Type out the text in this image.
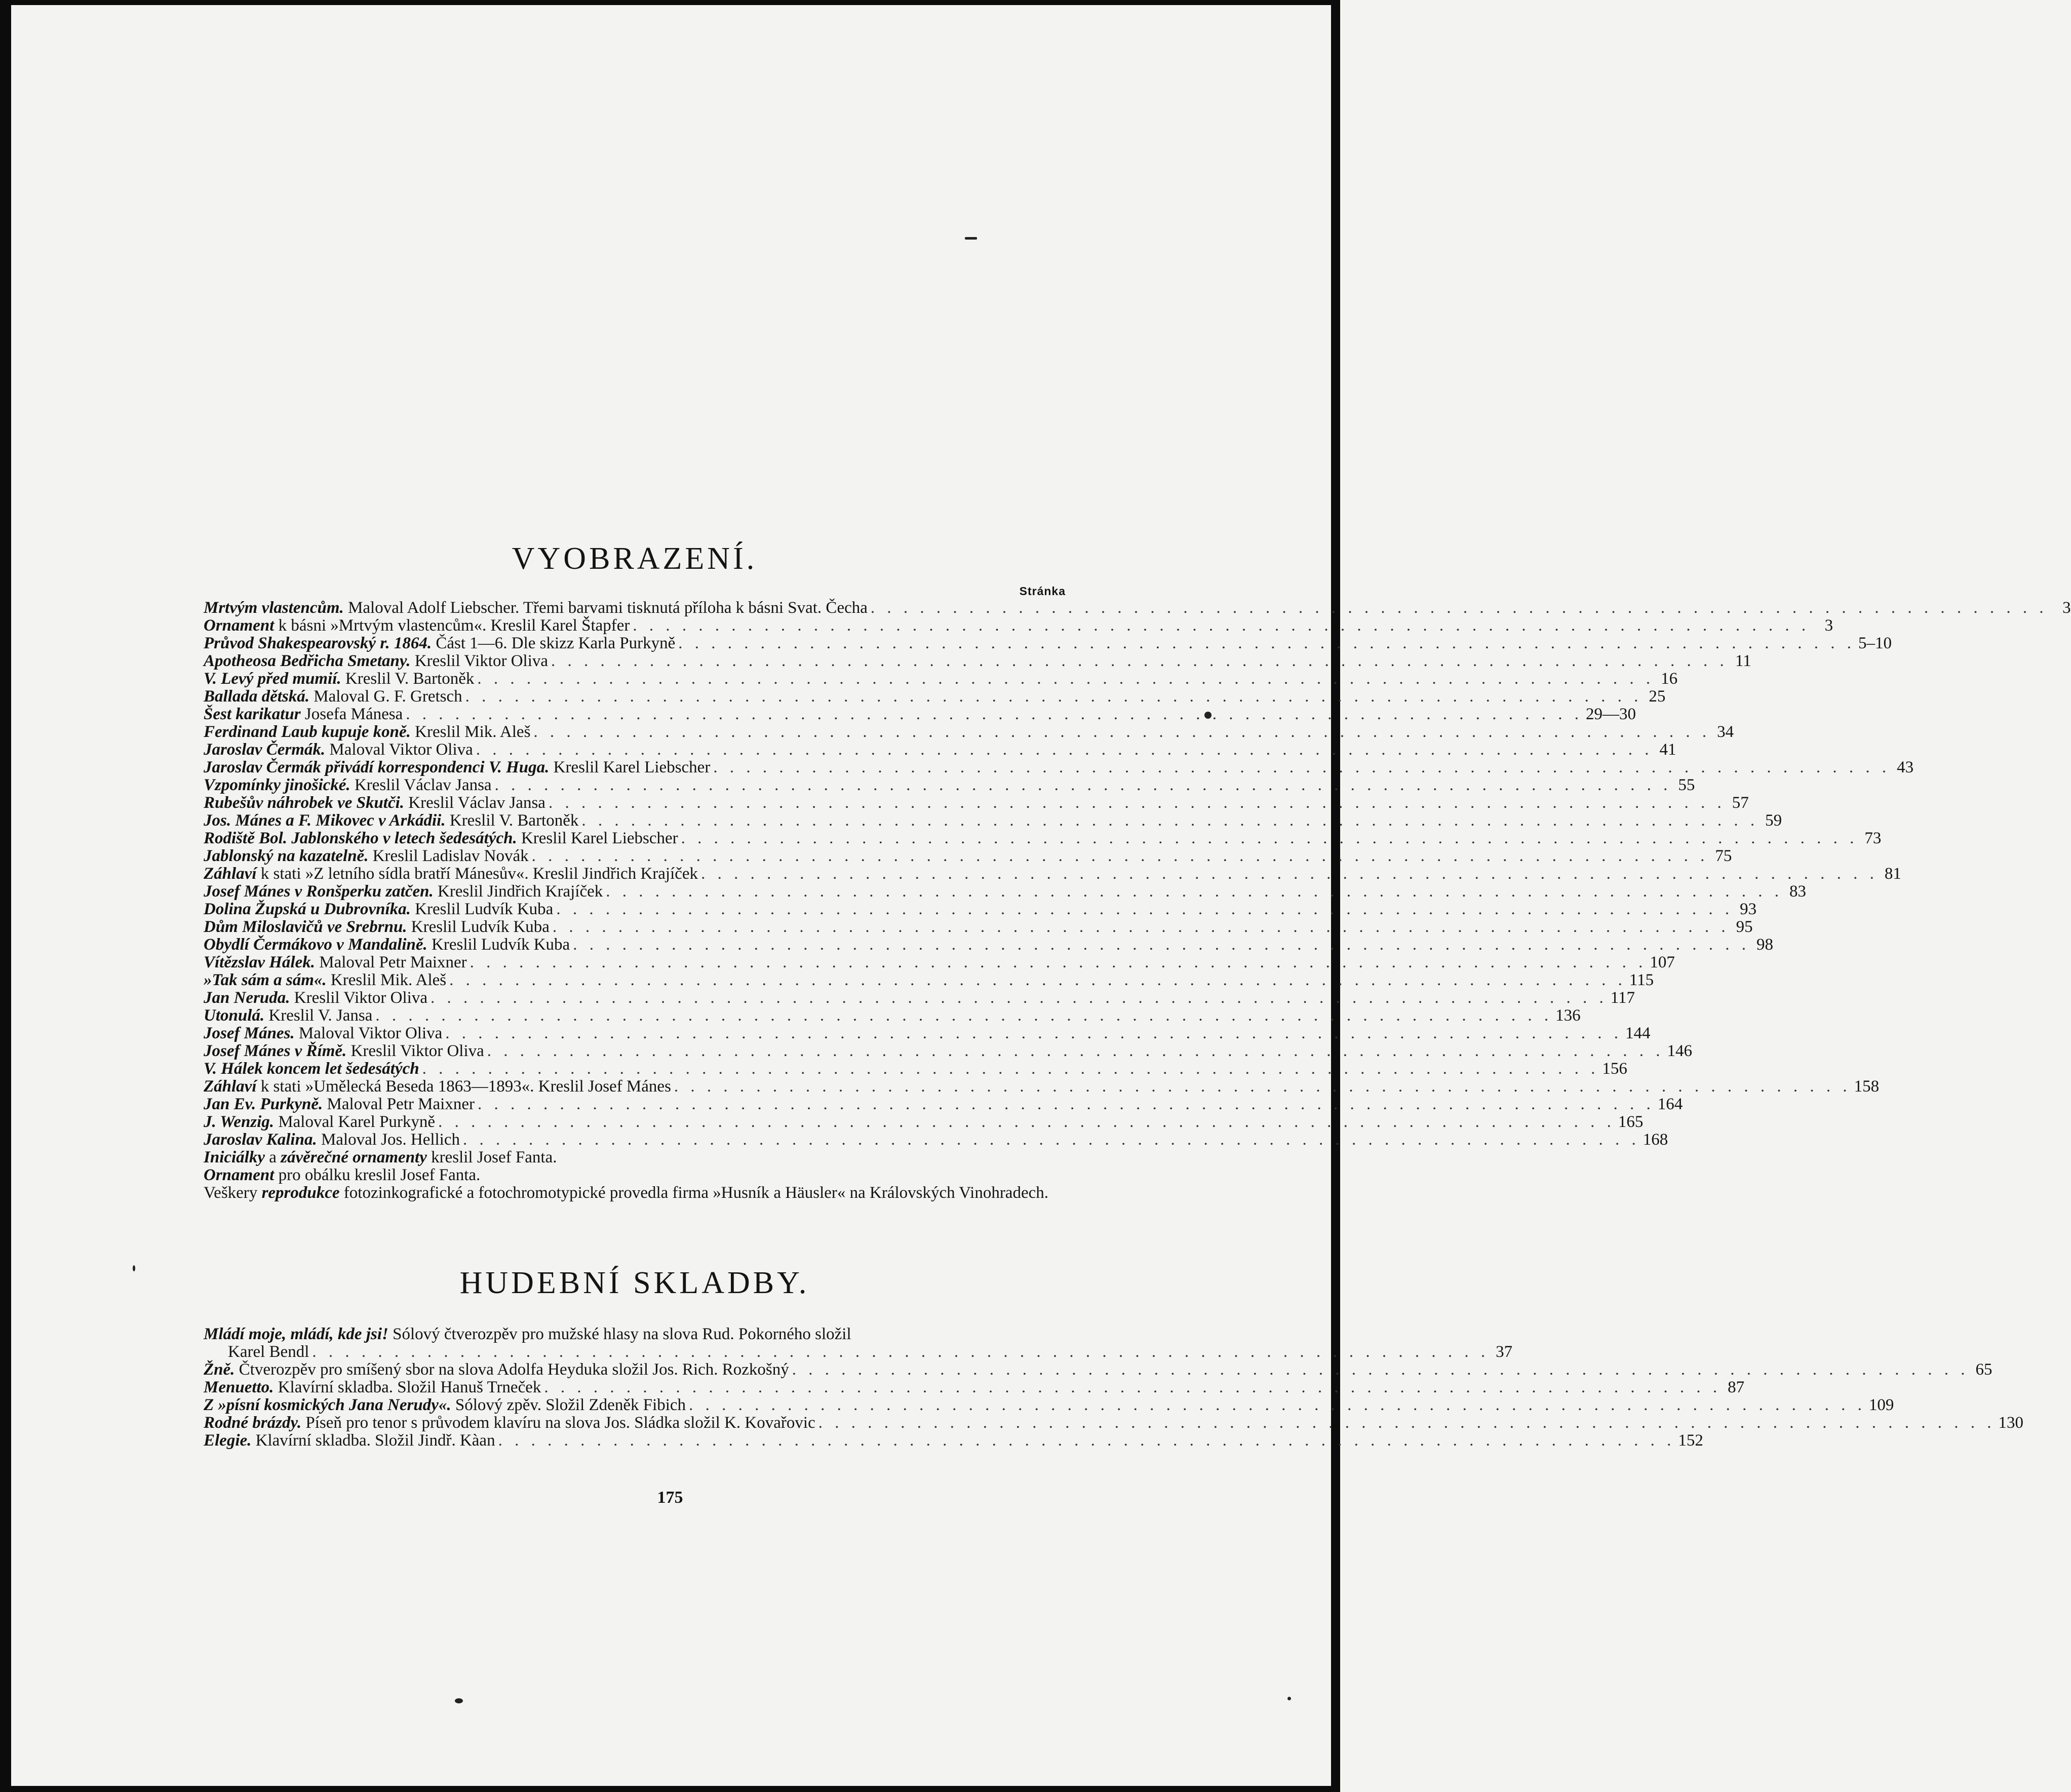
VYOBRAZENÍ.
Stránka
Mrtvým vlastencům. Maloval Adolf Liebscher. Třemi barvami tisknutá příloha k básni Svat. Čecha . . .	3
Ornament k básni »Mrtvým vlastencům«. Kreslil Karel Štapfer . . .	3
Průvod Shakespearovský r. 1864. Část 1—6. Dle skizz Karla Purkyně . . .	5–10
Apotheosa Bedřicha Smetany. Kreslil Viktor Oliva . . .	11
V. Levý před mumií. Kreslil V. Bartoněk . . .	16
Ballada dětská. Maloval G. F. Gretsch . . .	25
Šest karikatur Josefa Mánesa . . .	29—30
Ferdinand Laub kupuje koně. Kreslil Mik. Aleš . . .	34
Jaroslav Čermák. Maloval Viktor Oliva . . .	41
Jaroslav Čermák přivádí korrespondenci V. Huga. Kreslil Karel Liebscher . . .	43
Vzpomínky jinošické. Kreslil Václav Jansa . . .	55
Rubešův náhrobek ve Skutči. Kreslil Václav Jansa . . .	57
Jos. Mánes a F. Mikovec v Arkádii. Kreslil V. Bartoněk . . .	59
Rodiště Bol. Jablonského v letech šedesátých. Kreslil Karel Liebscher . . .	73
Jablonský na kazatelně. Kreslil Ladislav Novák . . .	75
Záhlaví k stati »Z letního sídla bratří Mánesův«. Kreslil Jindřich Krajíček . . .	81
Josef Mánes v Ronšperku zatčen. Kreslil Jindřich Krajíček . . .	83
Dolina Župská u Dubrovníka. Kreslil Ludvík Kuba . . .	93
Dům Miloslavičů ve Srebrnu. Kreslil Ludvík Kuba . . .	95
Obydlí Čermákovo v Mandalině. Kreslil Ludvík Kuba . . .	98
Vítězslav Hálek. Maloval Petr Maixner . . .	107
»Tak sám a sám«. Kreslil Mik. Aleš . . .	115
Jan Neruda. Kreslil Viktor Oliva . . .	117
Utonulá. Kreslil V. Jansa . . .	136
Josef Mánes. Maloval Viktor Oliva . . .	144
Josef Mánes v Římě. Kreslil Viktor Oliva . . .	146
V. Hálek koncem let šedesátých . . .	156
Záhlaví k stati »Umělecká Beseda 1863—1893«. Kreslil Josef Mánes . . .	158
Jan Ev. Purkyně. Maloval Petr Maixner . . .	164
J. Wenzig. Maloval Karel Purkyně . . .	165
Jaroslav Kalina. Maloval Jos. Hellich . . .	168
Iniciálky a závěrečné ornamenty kreslil Josef Fanta.
Ornament pro obálku kreslil Josef Fanta.
Veškery reprodukce fotozinkografické a fotochromotypické provedla firma »Husník a Häusler« na Královských Vinohradech.
HUDEBNÍ SKLADBY.
Mládí moje, mládí, kde jsi! Sólový čtverozpěv pro mužské hlasy na slova Rud. Pokorného složil
Karel Bendl . . .	37
Žně. Čtverozpěv pro smíšený sbor na slova Adolfa Heyduka složil Jos. Rich. Rozkošný . . .	65
Menuetto. Klavírní skladba. Složil Hanuš Trneček . . .	87
Z »písní kosmických Jana Nerudy«. Sólový zpěv. Složil Zdeněk Fibich . . .	109
Rodné brázdy. Píseň pro tenor s průvodem klavíru na slova Jos. Sládka složil K. Kovařovic . . .	130
Elegie. Klavírní skladba. Složil Jindř. Kàan . . .	152
175
